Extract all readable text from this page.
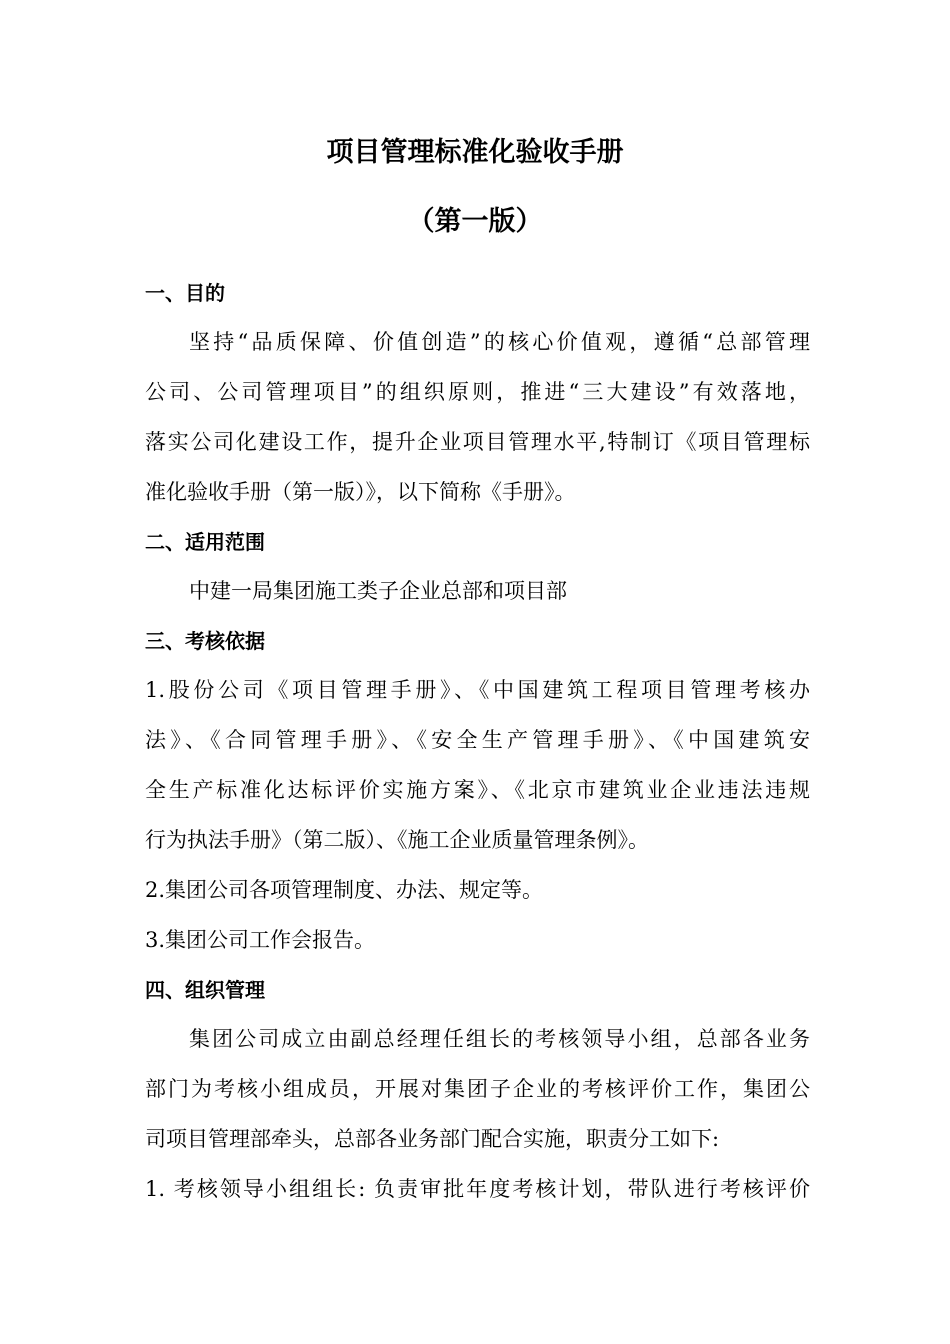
项目管理标准化验收手册
（第一版）
一、目的
坚持“品质保障、价值创造”的核心价值观，遵循“总部管理
公司、公司管理项目”的组织原则，推进“三大建设”有效落地，
落实公司化建设工作，提升企业项目管理水平,特制订《项目管理标
准化验收手册（第一版）》，以下简称《手册》。
二、适用范围
中建一局集团施工类子企业总部和项目部
三、考核依据
1.股份公司《项目管理手册》、《中国建筑工程项目管理考核办
法》、《合同管理手册》、《安全生产管理手册》、《中国建筑安
全生产标准化达标评价实施方案》、《北京市建筑业企业违法违规
行为执法手册》（第二版）、《施工企业质量管理条例》。
2.集团公司各项管理制度、办法、规定等。
3.集团公司工作会报告。
四、组织管理
集团公司成立由副总经理任组长的考核领导小组，总部各业务
部门为考核小组成员，开展对集团子企业的考核评价工作，集团公
司项目管理部牵头，总部各业务部门配合实施，职责分工如下:
1. 考核领导小组组长: 负责审批年度考核计划，带队进行考核评价
